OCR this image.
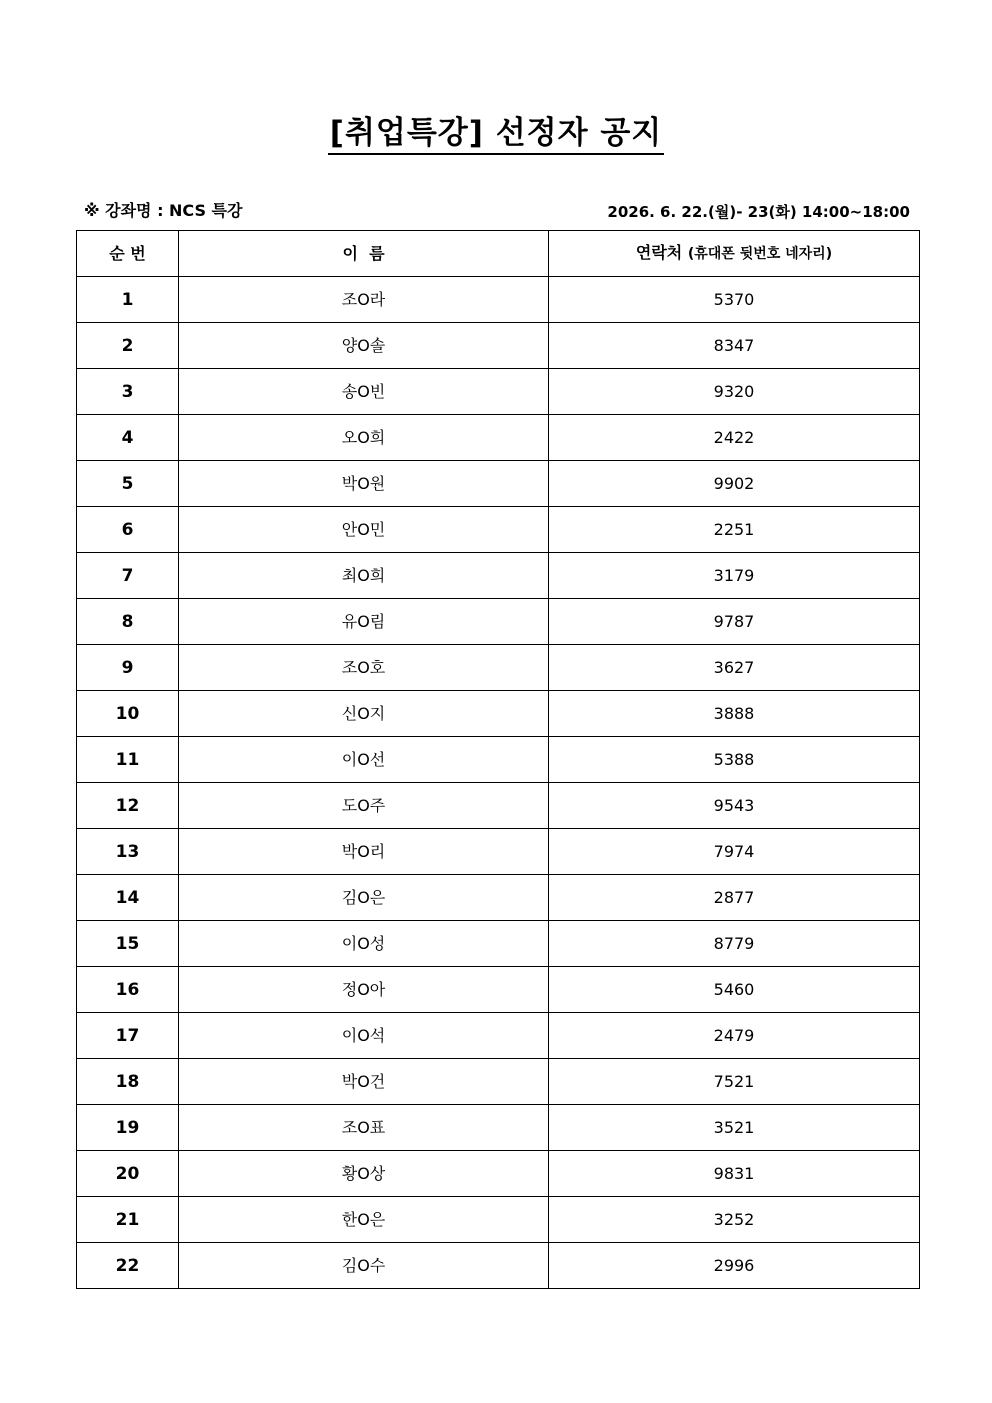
[취업특강] 선정자 공지
※ 강좌명 : NCS 특강	2026. 6. 22.(월)- 23(화) 14:00~18:00
순 번	이  름	연락처 (휴대폰 뒷번호 네자리)
1	조O라	5370
2	양O솔	8347
3	송O빈	9320
4	오O희	2422
5	박O원	9902
6	안O민	2251
7	최O희	3179
8	유O림	9787
9	조O호	3627
10	신O지	3888
11	이O선	5388
12	도O주	9543
13	박O리	7974
14	김O은	2877
15	이O성	8779
16	정O아	5460
17	이O석	2479
18	박O건	7521
19	조O표	3521
20	황O상	9831
21	한O은	3252
22	김O수	2996
